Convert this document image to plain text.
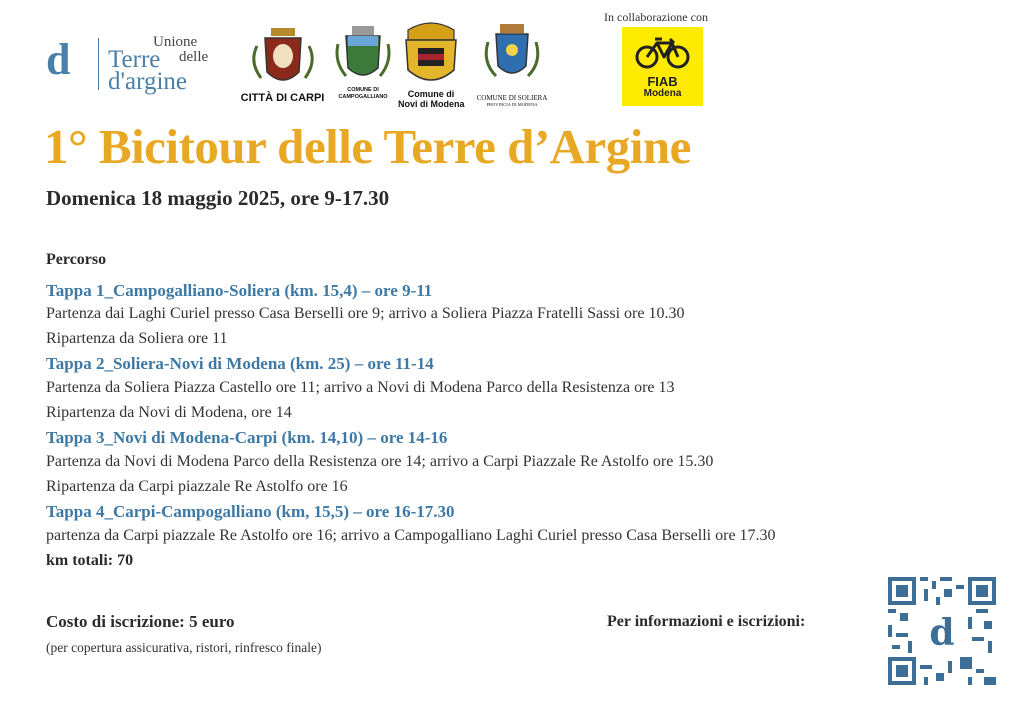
d	Unione
delle
Terre
d'argine
CITTÀ DI CARPI
COMUNE DI
CAMPOGALLIANO	Comune di
Novi di Modena
COMUNE DI SOLIERA
PROVINCIA DI MODENA
In collaborazione con
FIAB
Modena
1° Bicitour delle Terre d’Argine
Domenica 18 maggio 2025, ore 9-17.30
Percorso
Tappa 1_Campogalliano-Soliera (km. 15,4) – ore 9-11
Partenza dai Laghi Curiel presso Casa Berselli ore 9; arrivo a Soliera Piazza Fratelli Sassi ore 10.30
Ripartenza da Soliera ore 11
Tappa 2_Soliera-Novi di Modena (km. 25) – ore 11-14
Partenza da Soliera Piazza Castello ore 11; arrivo a Novi di Modena Parco della Resistenza ore 13
Ripartenza da Novi di Modena, ore 14
Tappa 3_Novi di Modena-Carpi (km. 14,10) – ore 14-16
Partenza da Novi di Modena Parco della Resistenza ore 14; arrivo a Carpi Piazzale Re Astolfo ore 15.30
Ripartenza da Carpi piazzale Re Astolfo ore 16
Tappa 4_Carpi-Campogalliano (km, 15,5) – ore 16-17.30
partenza da Carpi piazzale Re Astolfo ore 16; arrivo a Campogalliano Laghi Curiel presso Casa Berselli ore 17.30
km totali: 70
Costo di iscrizione: 5 euro
(per copertura assicurativa, ristori, rinfresco finale)
Per informazioni e iscrizioni:	d
